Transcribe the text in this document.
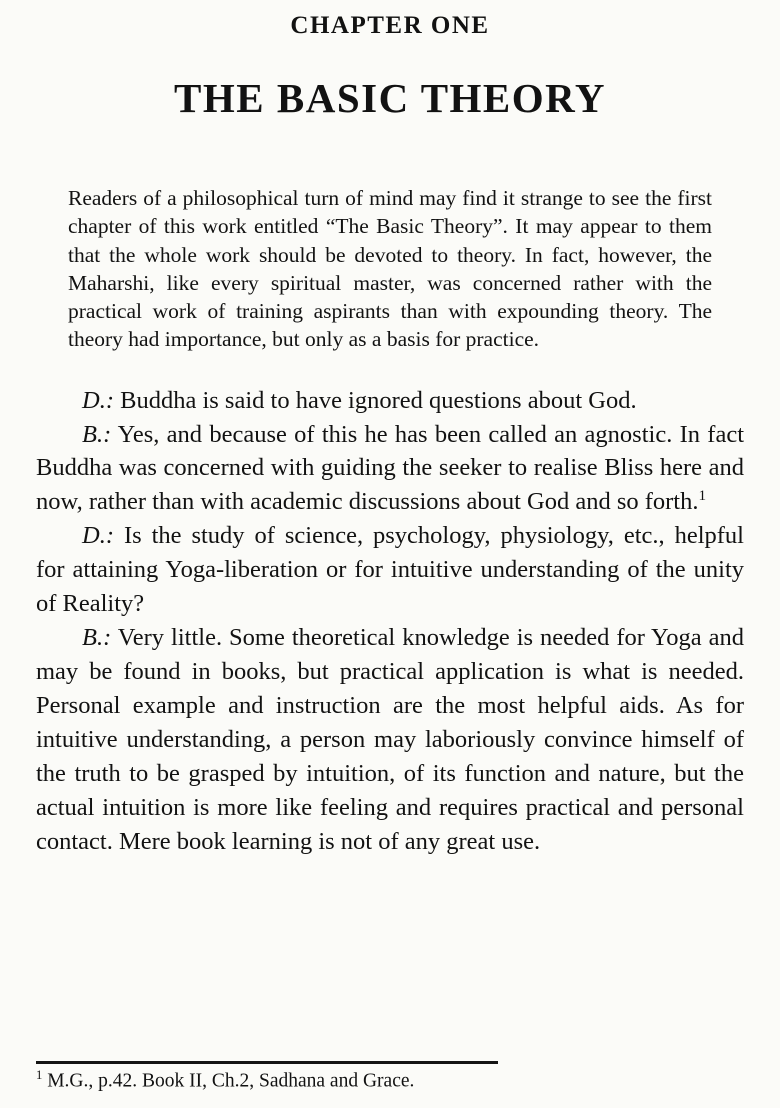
CHAPTER ONE
THE BASIC THEORY
Readers of a philosophical turn of mind may find it strange to see the first chapter of this work entitled “The Basic Theory”. It may appear to them that the whole work should be devoted to theory. In fact, however, the Maharshi, like every spiritual master, was concerned rather with the practical work of training aspirants than with expounding theory. The theory had importance, but only as a basis for practice.

D.: Buddha is said to have ignored questions about God.

B.: Yes, and because of this he has been called an agnostic. In fact Buddha was concerned with guiding the seeker to realise Bliss here and now, rather than with academic discussions about God and so forth.$^1$

D.: Is the study of science, psychology, physiology, etc., helpful for attaining Yoga-liberation or for intuitive understanding of the unity of Reality?

B.: Very little. Some theoretical knowledge is needed for Yoga and may be found in books, but practical application is what is needed. Personal example and instruction are the most helpful aids. As for intuitive understanding, a person may laboriously convince himself of the truth to be grasped by intuition, of its function and nature, but the actual intuition is more like feeling and requires practical and personal contact. Mere book learning is not of any great use.

$^1$ M.G., p.42. Book II, Ch.2, Sadhana and Grace.
